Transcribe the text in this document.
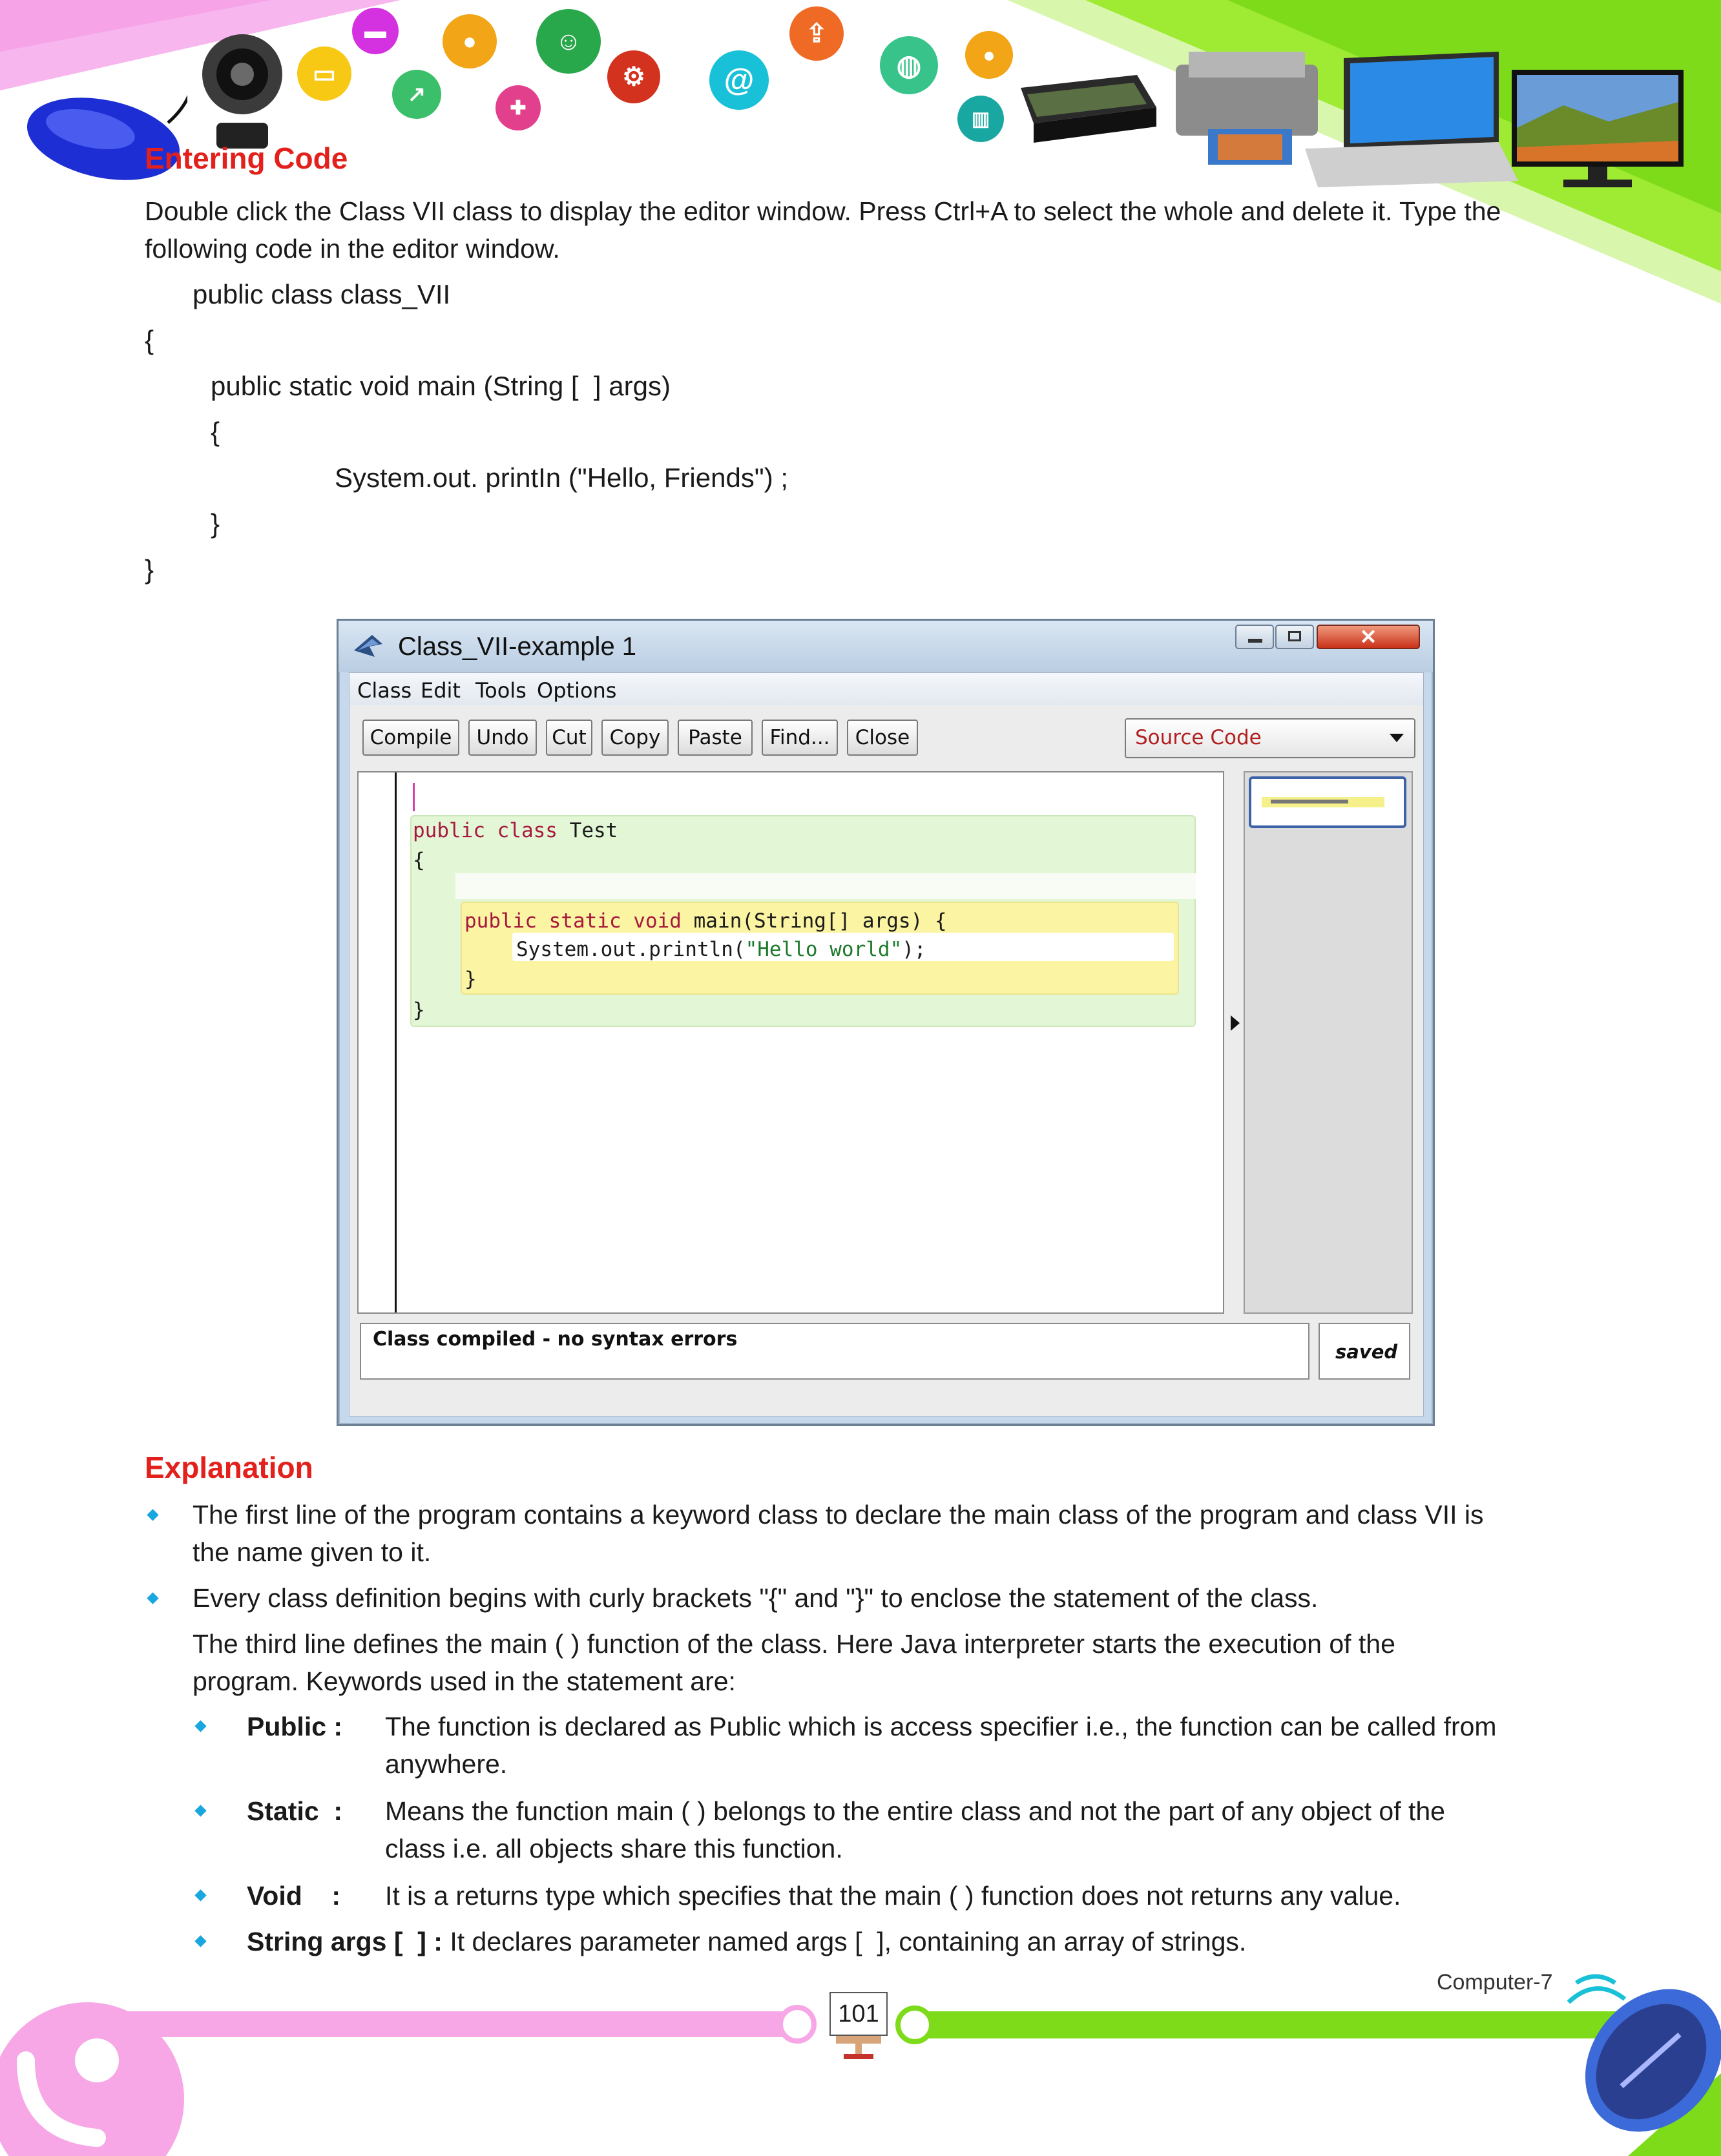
▭
▬
↗
●
✚
☺
⚙	@
⇪
◍	●
▥
Entering Code
Double click the Class VII class to display the editor window. Press Ctrl+A to select the whole and delete it. Type the
following code in the editor window.
public class class_VII
{
public static void main (String [  ] args)
{
System.out. printIn ("Hello, Friends") ;
}
}
Class_VII-example 1	✕
Class Edit Tools Options
Compile	Undo	Cut	Copy	Paste	Find...	Close	Source Code
public class Test
{
public static void main(String[] args) {
System.out.println("Hello world");
}
}
Class compiled - no syntax errors
saved
Explanation
The first line of the program contains a keyword class to declare the main class of the program and class VII is
the name given to it.
Every class definition begins with curly brackets "{" and "}" to enclose the statement of the class.
The third line defines the main ( ) function of the class. Here Java interpreter starts the execution of the
program. Keywords used in the statement are:
Public : The function is declared as Public which is access specifier i.e., the function can be called from
anywhere.
Static  : Means the function main ( ) belongs to the entire class and not the part of any object of the
class i.e. all objects share this function.
Void    : It is a returns type which specifies that the main ( ) function does not returns any value.
String args [  ] : It declares parameter named args [  ], containing an array of strings.
Computer-7
101
